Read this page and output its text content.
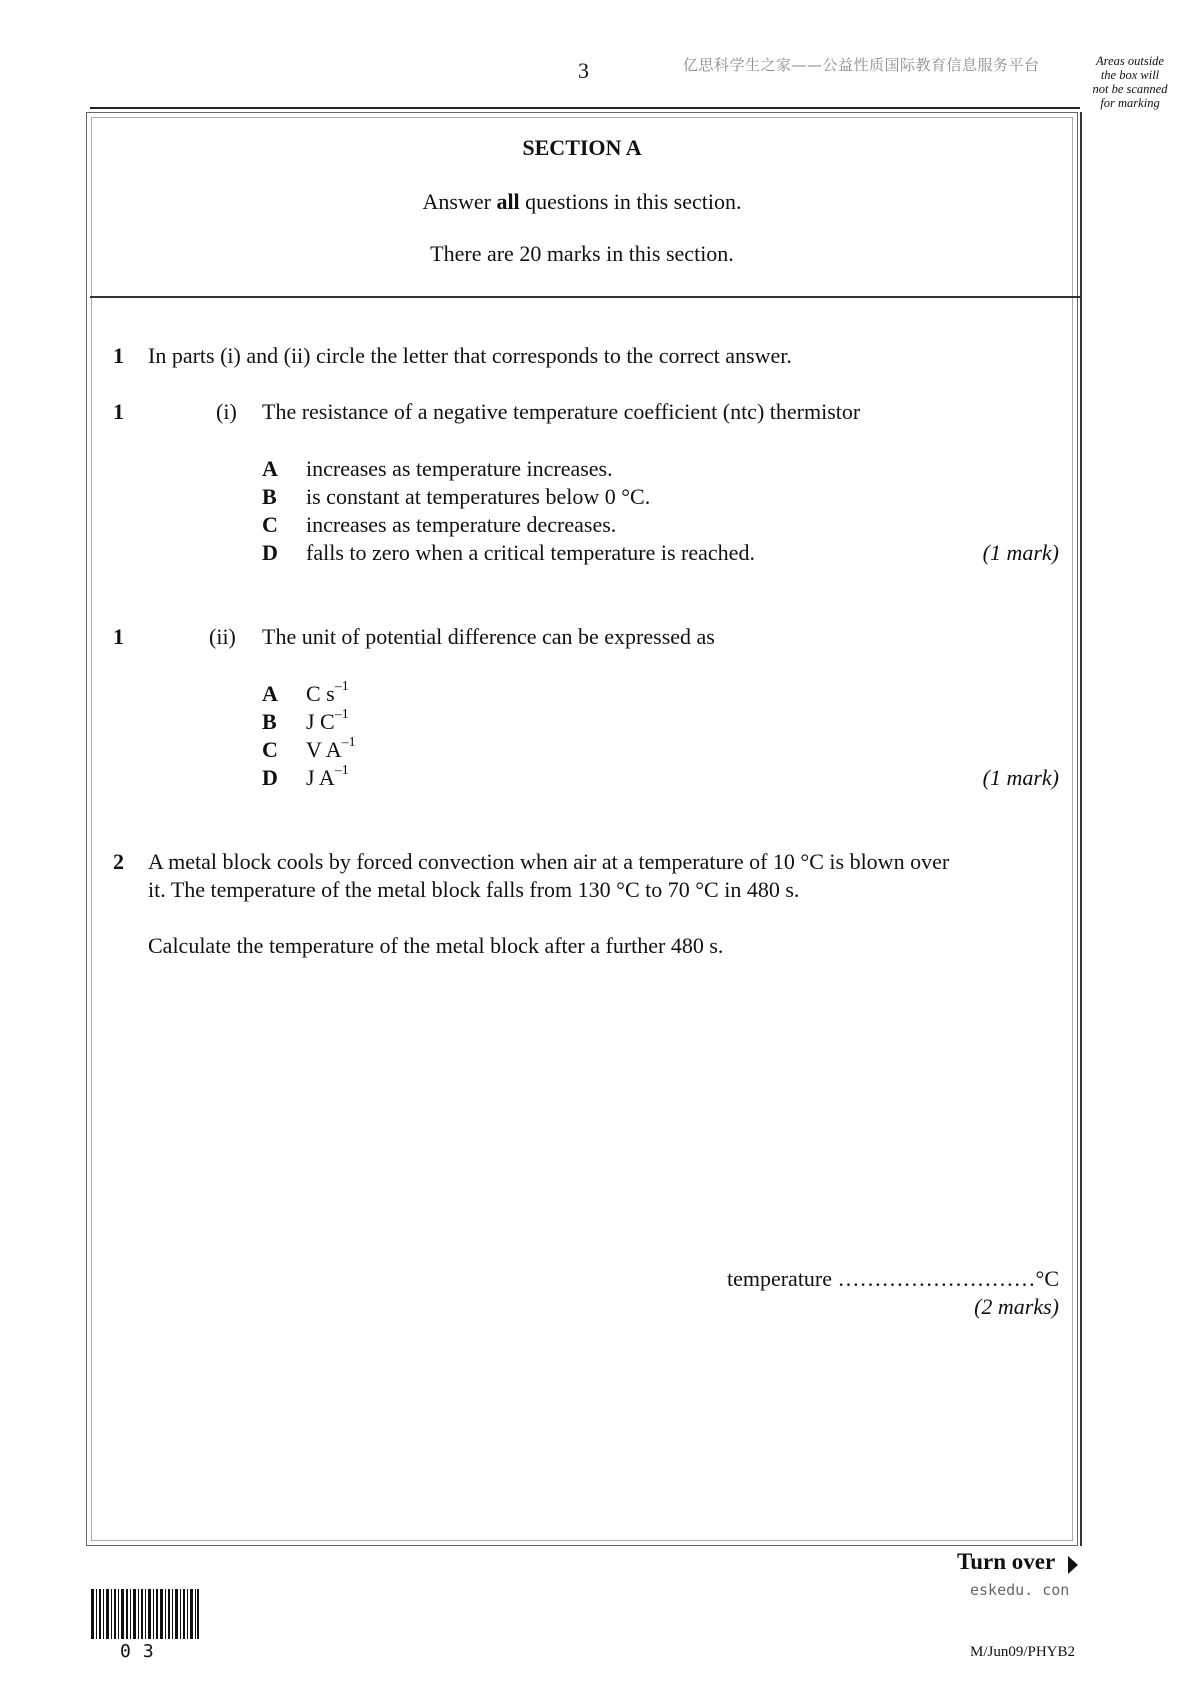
3	亿思科学生之家——公益性质国际教育信息服务平台	Areas outside
the box will
not be scanned
for marking
SECTION A
Answer all questions in this section.
There are 20 marks in this section.
1 In parts (i) and (ii) circle the letter that corresponds to the correct answer.
1	(i) The resistance of a negative temperature coefficient (ntc) thermistor
A increases as temperature increases.
B is constant at temperatures below 0 °C.
C increases as temperature decreases.
D falls to zero when a critical temperature is reached.	(1 mark)
1	(ii) The unit of potential difference can be expressed as
A C $s^{-1}$
B J $C^{-1}$
C V $A^{-1}$
D J $A^{-1}$	(1 mark)
2 A metal block cools by forced convection when air at a temperature of 10 °C is blown over
it. The temperature of the metal block falls from 130 °C to 70 °C in 480 s.
Calculate the temperature of the metal block after a further 480 s.
temperature ………………………°C
(2 marks)
Turn over
eskedu. con
03	M/Jun09/PHYB2
